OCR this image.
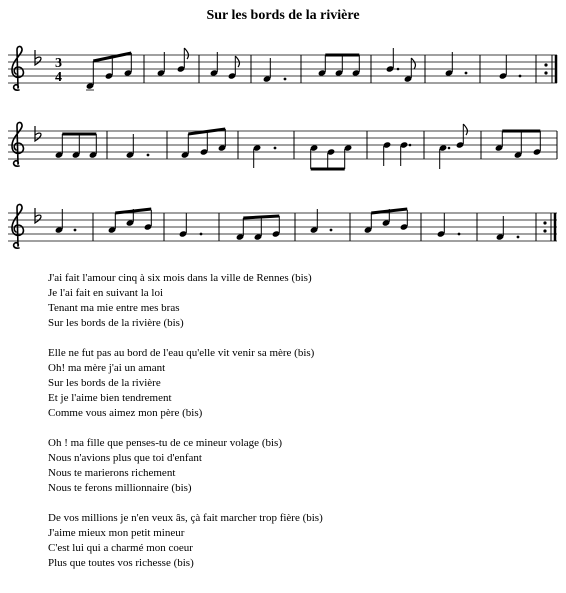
Sur les bords de la rivière
3
4
J'ai fait l'amour cinq à six mois dans la ville de Rennes (bis)
Je l'ai fait en suivant la loi
Tenant ma mie entre mes bras
Sur les bords de la rivière (bis)
Elle ne fut pas au bord de l'eau qu'elle vit venir sa mère (bis)
Oh! ma mère j'ai un amant
Sur les bords de la rivière
Et je l'aime bien tendrement
Comme vous aimez mon père (bis)
Oh ! ma fille que penses-tu de ce mineur volage (bis)
Nous n'avions plus que toi d'enfant
Nous te marierons richement
Nous te ferons millionnaire (bis)
De vos millions je n'en veux âs, çà fait marcher trop fière (bis)
J'aime mieux mon petit mineur
C'est lui qui a charmé mon coeur
Plus que toutes vos richesse (bis)
